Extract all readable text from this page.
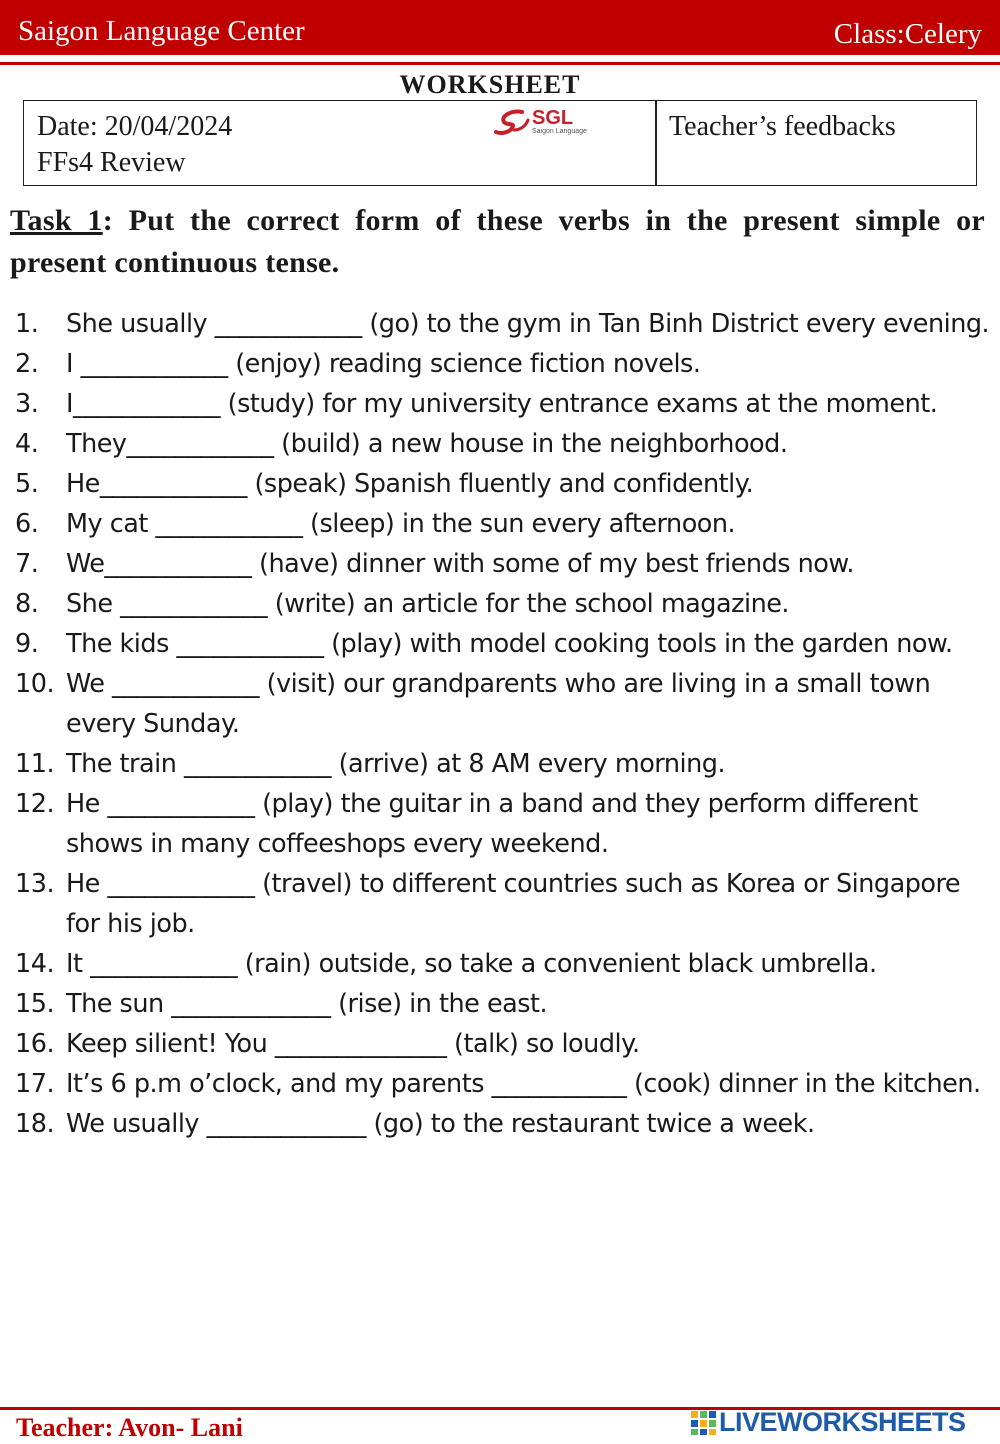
Saigon Language Center	Class:Celery
WORKSHEET
Date: 20/04/2024
FFs4 Review
SGL
Saigon Language	Teacher’s feedbacks
Task 1: Put the correct form of these verbs in the present simple or present continuous tense.
1. She usually ____________ (go) to the gym in Tan Binh District every evening.
2. I ____________ (enjoy) reading science fiction novels.
3. I____________ (study) for my university entrance exams at the moment.
4. They____________ (build) a new house in the neighborhood.
5. He____________ (speak) Spanish fluently and confidently.
6. My cat ____________ (sleep) in the sun every afternoon.
7. We____________ (have) dinner with some of my best friends now.
8. She ____________ (write) an article for the school magazine.
9. The kids ____________ (play) with model cooking tools in the garden now.
10. We ____________ (visit) our grandparents who are living in a small town every Sunday.
11. The train ____________ (arrive) at 8 AM every morning.
12. He ____________ (play) the guitar in a band and they perform different shows in many coffeeshops every weekend.
13. He ____________ (travel) to different countries such as Korea or Singapore for his job.
14. It ____________ (rain) outside, so take a convenient black umbrella.
15. The sun _____________ (rise) in the east.
16. Keep silient! You ______________ (talk) so loudly.
17. It’s 6 p.m o’clock, and my parents ___________ (cook) dinner in the kitchen.
18. We usually _____________ (go) to the restaurant twice a week.
Teacher: Avon- Lani	LIVEWORKSHEETS
